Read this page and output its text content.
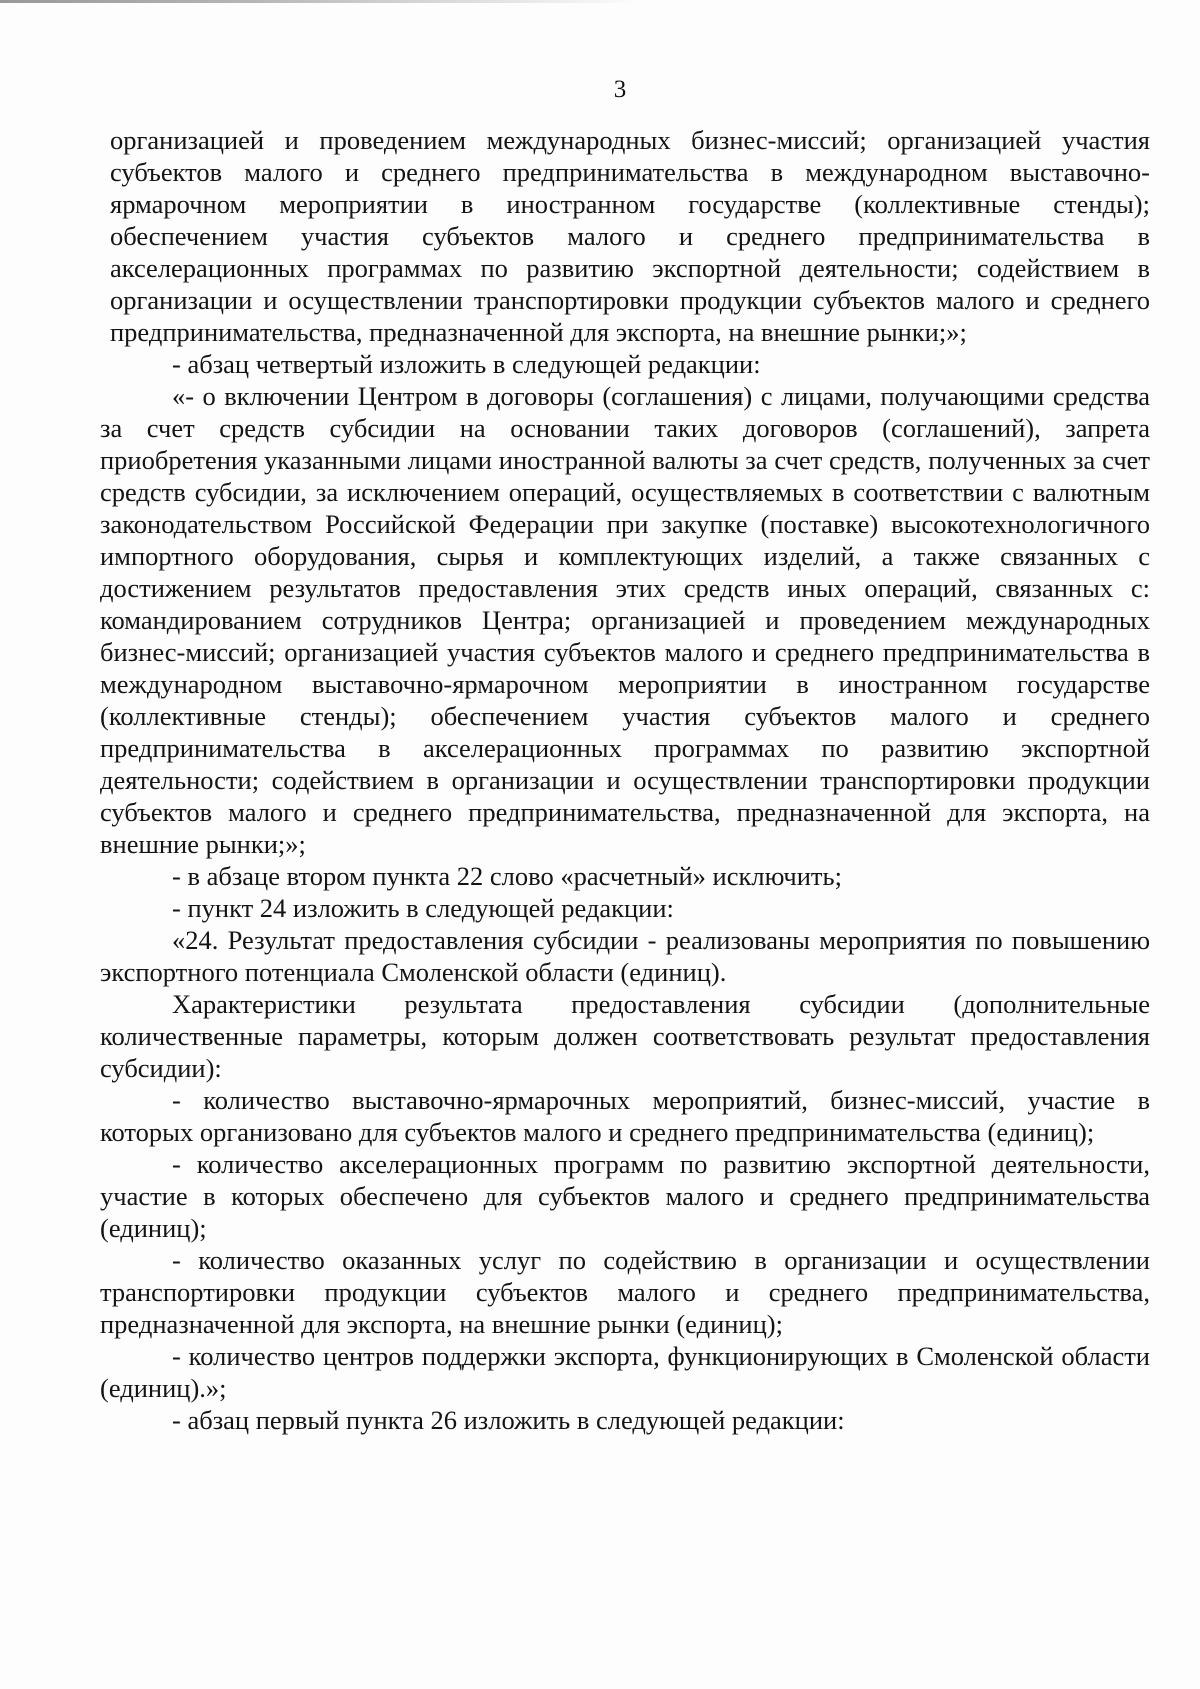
3

организацией и проведением международных бизнес-миссий; организацией участия субъектов малого и среднего предпринимательства в международном выставочно-ярмарочном мероприятии в иностранном государстве (коллективные стенды); обеспечением участия субъектов малого и среднего предпринимательства в акселерационных программах по развитию экспортной деятельности; содействием в организации и осуществлении транспортировки продукции субъектов малого и среднего предпринимательства, предназначенной для экспорта, на внешние рынки;»;

- абзац четвертый изложить в следующей редакции:

«- о включении Центром в договоры (соглашения) с лицами, получающими средства за счет средств субсидии на основании таких договоров (соглашений), запрета приобретения указанными лицами иностранной валюты за счет средств, полученных за счет средств субсидии, за исключением операций, осуществляемых в соответствии с валютным законодательством Российской Федерации при закупке (поставке) высокотехнологичного импортного оборудования, сырья и комплектующих изделий, а также связанных с достижением результатов предоставления этих средств иных операций, связанных с: командированием сотрудников Центра; организацией и проведением международных бизнес-миссий; организацией участия субъектов малого и среднего предпринимательства в международном выставочно-ярмарочном мероприятии в иностранном государстве (коллективные стенды); обеспечением участия субъектов малого и среднего предпринимательства в акселерационных программах по развитию экспортной деятельности; содействием в организации и осуществлении транспортировки продукции субъектов малого и среднего предпринимательства, предназначенной для экспорта, на внешние рынки;»;

- в абзаце втором пункта 22 слово «расчетный» исключить;

- пункт 24 изложить в следующей редакции:

«24. Результат предоставления субсидии - реализованы мероприятия по повышению экспортного потенциала Смоленской области (единиц).

Характеристики результата предоставления субсидии (дополнительные количественные параметры, которым должен соответствовать результат предоставления субсидии):

- количество выставочно-ярмарочных мероприятий, бизнес-миссий, участие в которых организовано для субъектов малого и среднего предпринимательства (единиц);

- количество акселерационных программ по развитию экспортной деятельности, участие в которых обеспечено для субъектов малого и среднего предпринимательства (единиц);

- количество оказанных услуг по содействию в организации и осуществлении транспортировки продукции субъектов малого и среднего предпринимательства, предназначенной для экспорта, на внешние рынки (единиц);

- количество центров поддержки экспорта, функционирующих в Смоленской области (единиц).»;

- абзац первый пункта 26 изложить в следующей редакции:
